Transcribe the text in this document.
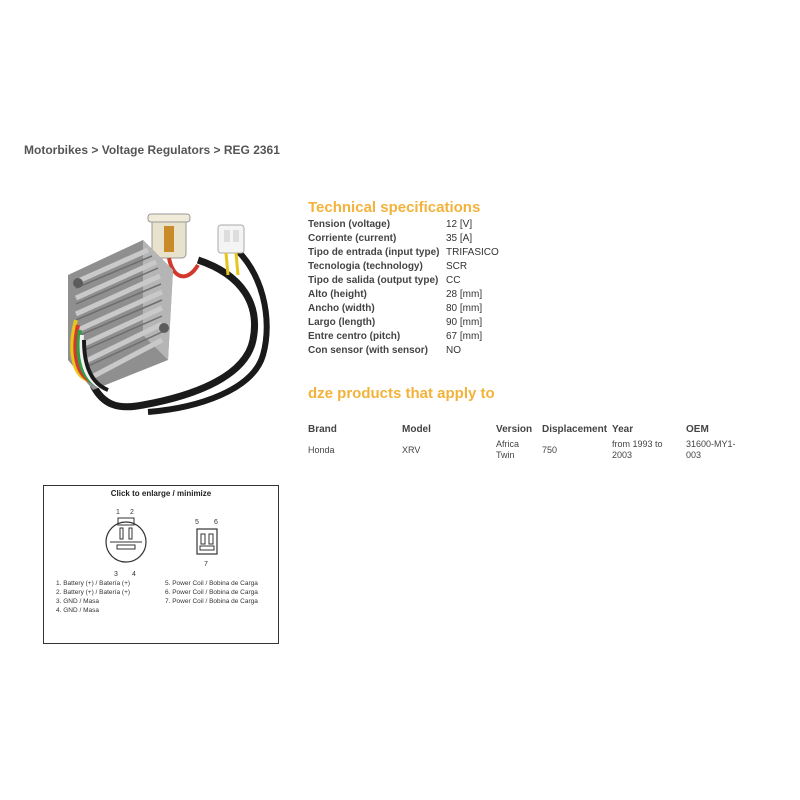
Motorbikes > Voltage Regulators > REG 2361
Technical specifications
Tension (voltage)	12 [V]
Corriente (current)	35 [A]
Tipo de entrada (input type)	TRIFASICO
Tecnologia (technology)	SCR
Tipo de salida (output type)	CC
Alto (height)	28 [mm]
Ancho (width)	80 [mm]
Largo (length)	90 [mm]
Entre centro (pitch)	67 [mm]
Con sensor (with sensor)	NO
dze products that apply to
Brand	Model	Version	Displacement	Year	OEM
Honda	XRV	Africa Twin	750	from 1993 to 2003	31600-MY1-003
Click to enlarge / minimize
1 2
3 4
5 6
7
1. Battery (+) / Batería (+)
2. Battery (+) / Batería (+)
3. GND / Masa
4. GND / Masa
5. Power Coil / Bobina de Carga
6. Power Coil / Bobina de Carga
7. Power Coil / Bobina de Carga
